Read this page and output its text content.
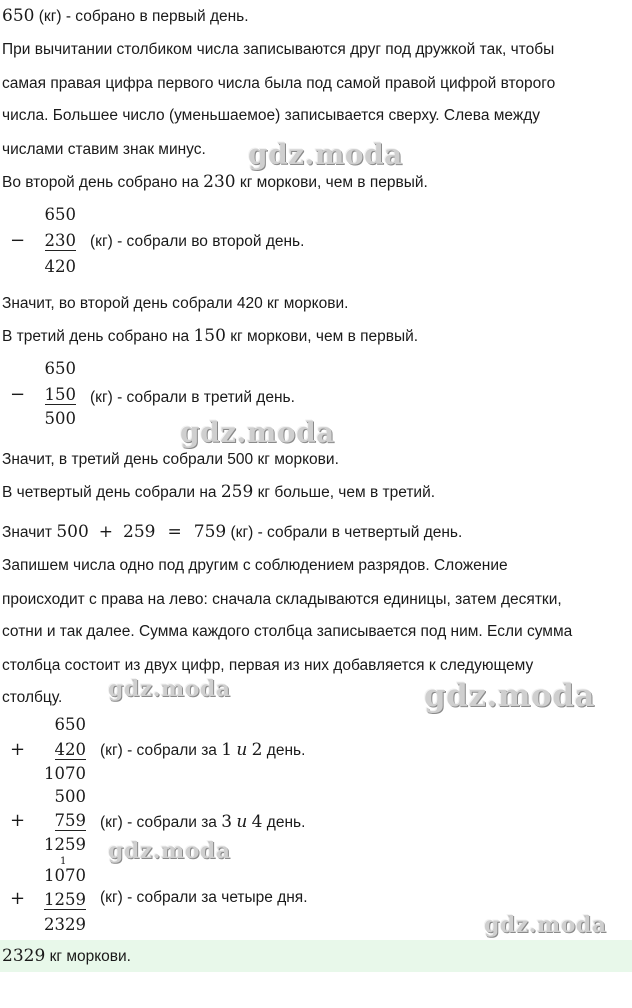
650 (кг) - собрано в первый день.
При вычитании столбиком числа записываются друг под дружкой так, чтобы
самая правая цифра первого числа была под самой правой цифрой второго
числа. Большее число (уменьшаемое) записывается сверху. Слева между
числами ставим знак минус. gdz.moda
Во второй день собрано на 230 кг моркови, чем в первый.
650
−	230
420
(кг) - собрали во второй день.
Значит, во второй день собрали 420 кг моркови.
В третий день собрано на 150 кг моркови, чем в первый.
650
−	150
500
(кг) - собрали в третий день.
gdz.moda
Значит, в третий день собрали 500 кг моркови.
В четвертый день собрали на 259 кг больше, чем в третий.
Значит 500 + 259 = 759 (кг) - собрали в четвертый день.
Запишем числа одно под другим с соблюдением разрядов. Сложение
происходит с права на лево: сначала складываются единицы, затем десятки,
сотни и так далее. Сумма каждого столбца записывается под ним. Если сумма
столбца состоит из двух цифр, первая из них добавляется к следующему
столбцу. gdz.moda	gdz.moda
650
+	420
1070
(кг) - собрали за 1 и 2 день.
500
+	759
1259
(кг) - собрали за 3 и 4 день.
gdz.moda
1
1070
+	1259
2329
(кг) - собрали за четыре дня.
gdz.moda
2329 кг моркови.
